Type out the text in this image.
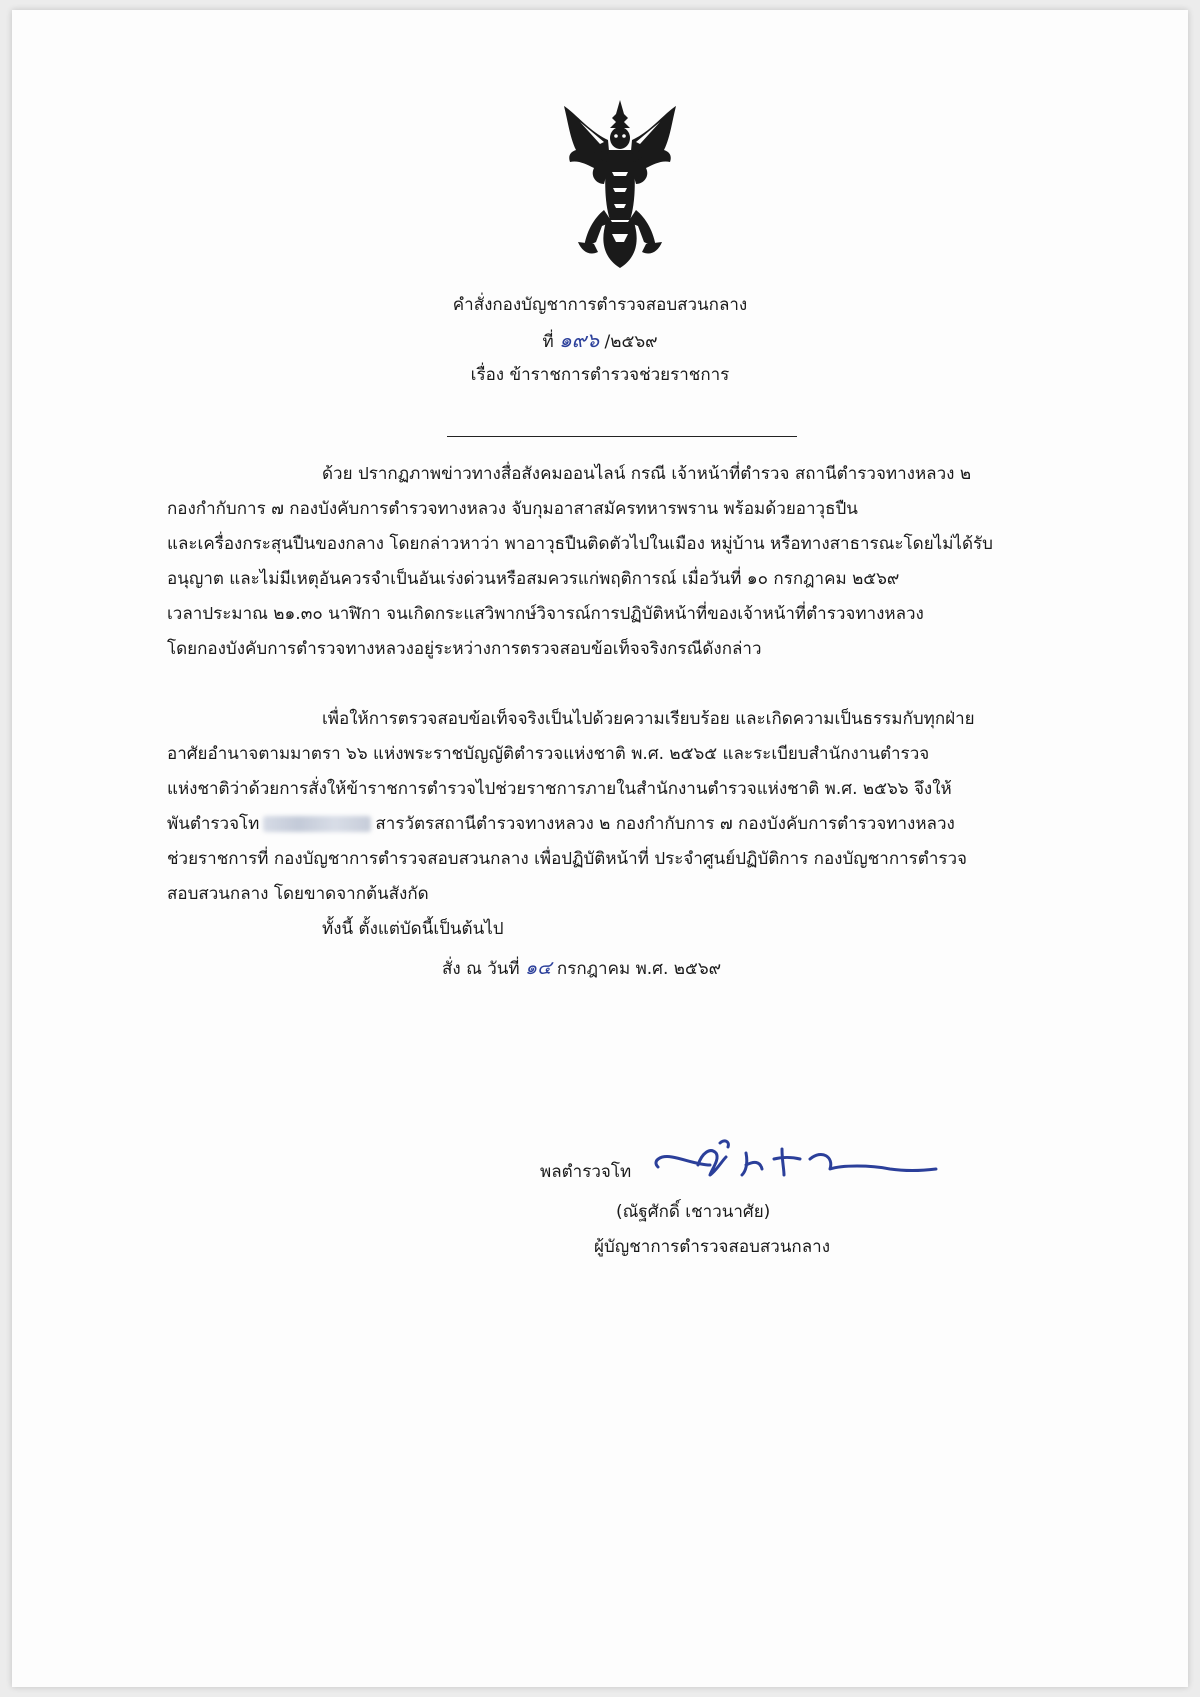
คำสั่งกองบัญชาการตำรวจสอบสวนกลาง
ที่ ๑๙๖ /๒๕๖๙
เรื่อง ข้าราชการตำรวจช่วยราชการ
ด้วย ปรากฏภาพข่าวทางสื่อสังคมออนไลน์ กรณี เจ้าหน้าที่ตำรวจ สถานีตำรวจทางหลวง ๒
กองกำกับการ ๗ กองบังคับการตำรวจทางหลวง จับกุมอาสาสมัครทหารพราน พร้อมด้วยอาวุธปืน
และเครื่องกระสุนปืนของกลาง โดยกล่าวหาว่า พาอาวุธปืนติดตัวไปในเมือง หมู่บ้าน หรือทางสาธารณะโดยไม่ได้รับ
อนุญาต และไม่มีเหตุอันควรจำเป็นอันเร่งด่วนหรือสมควรแก่พฤติการณ์ เมื่อวันที่ ๑๐ กรกฎาคม ๒๕๖๙
เวลาประมาณ ๒๑.๓๐ นาฬิกา จนเกิดกระแสวิพากษ์วิจารณ์การปฏิบัติหน้าที่ของเจ้าหน้าที่ตำรวจทางหลวง
โดยกองบังคับการตำรวจทางหลวงอยู่ระหว่างการตรวจสอบข้อเท็จจริงกรณีดังกล่าว
เพื่อให้การตรวจสอบข้อเท็จจริงเป็นไปด้วยความเรียบร้อย และเกิดความเป็นธรรมกับทุกฝ่าย
อาศัยอำนาจตามมาตรา ๖๖ แห่งพระราชบัญญัติตำรวจแห่งชาติ พ.ศ. ๒๕๖๕ และระเบียบสำนักงานตำรวจ
แห่งชาติว่าด้วยการสั่งให้ข้าราชการตำรวจไปช่วยราชการภายในสำนักงานตำรวจแห่งชาติ พ.ศ. ๒๕๖๖ จึงให้
พันตำรวจโท	สารวัตรสถานีตำรวจทางหลวง ๒ กองกำกับการ ๗ กองบังคับการตำรวจทางหลวง
ช่วยราชการที่ กองบัญชาการตำรวจสอบสวนกลาง เพื่อปฏิบัติหน้าที่ ประจำศูนย์ปฏิบัติการ กองบัญชาการตำรวจ
สอบสวนกลาง โดยขาดจากต้นสังกัด
ทั้งนี้ ตั้งแต่บัดนี้เป็นต้นไป
สั่ง ณ วันที่ ๑๔ กรกฎาคม พ.ศ. ๒๕๖๙
พลตำรวจโท
(ณัฐศักดิ์ เชาวนาศัย)
ผู้บัญชาการตำรวจสอบสวนกลาง
